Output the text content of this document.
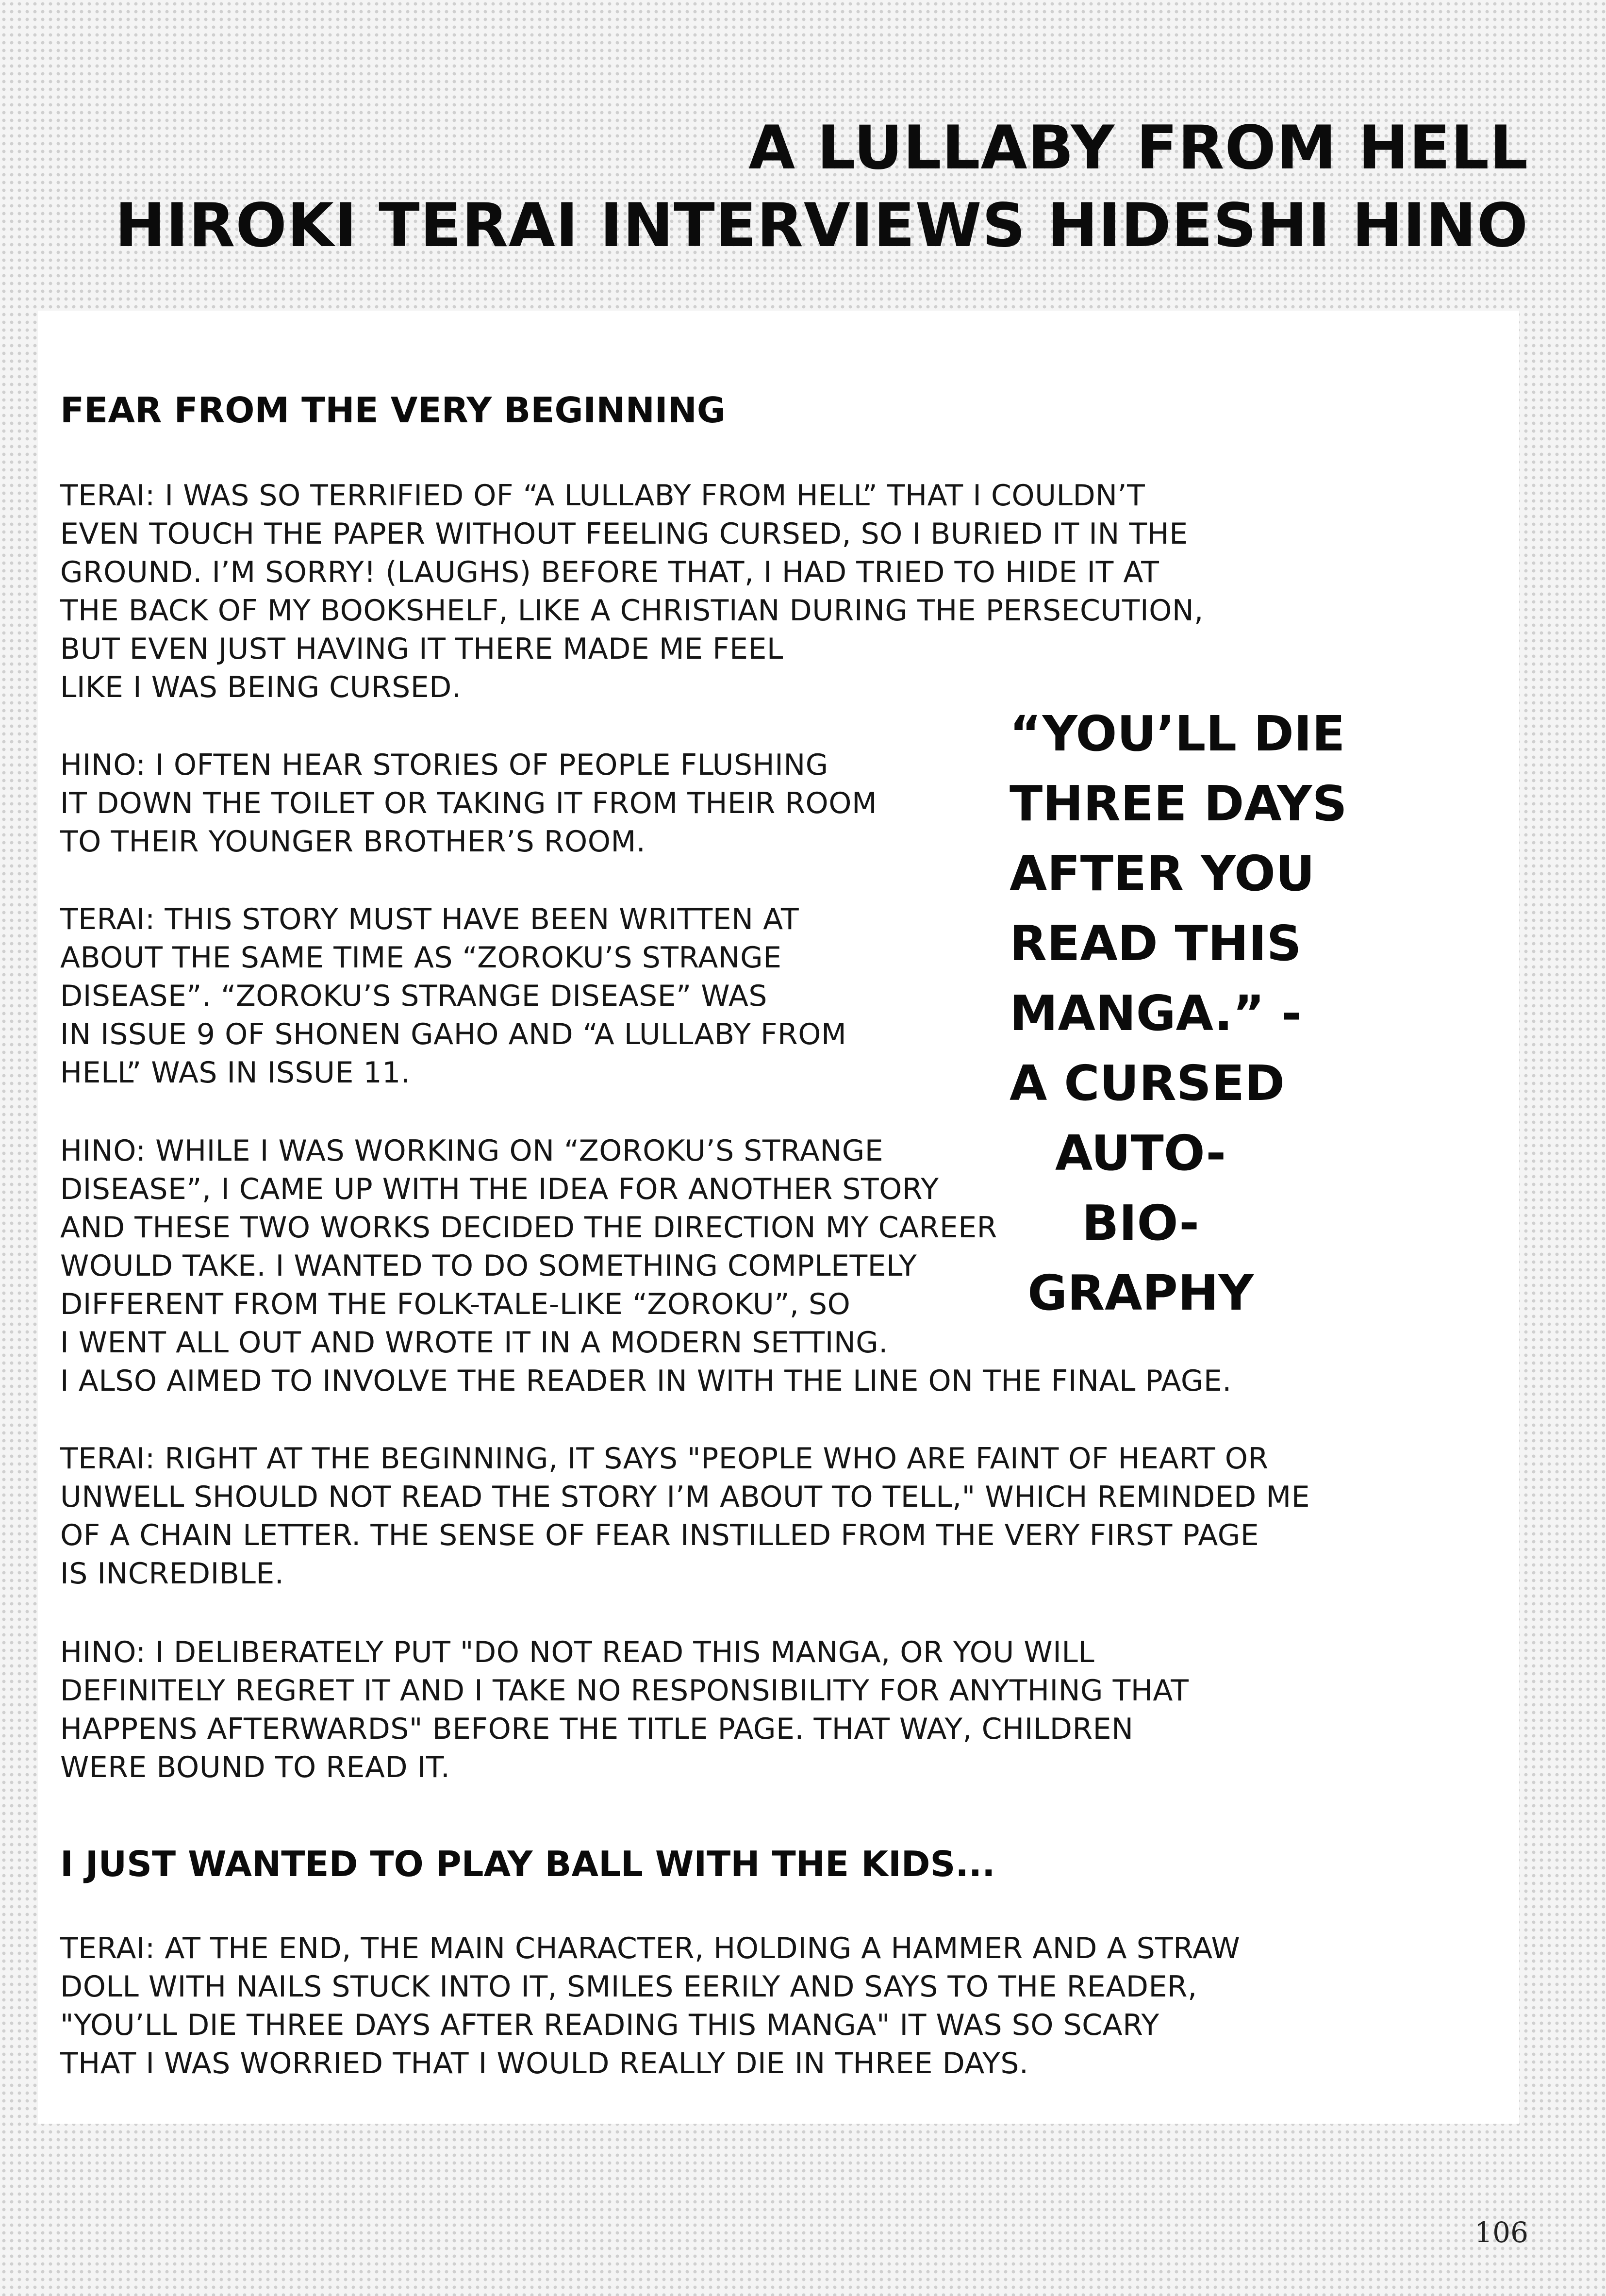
A LULLABY FROM HELL
HIROKI TERAI INTERVIEWS HIDESHI HINO
FEAR FROM THE VERY BEGINNING
TERAI: I WAS SO TERRIFIED OF “A LULLABY FROM HELL” THAT I COULDN’T
EVEN TOUCH THE PAPER WITHOUT FEELING CURSED, SO I BURIED IT IN THE
GROUND. I’M SORRY! (LAUGHS) BEFORE THAT, I HAD TRIED TO HIDE IT AT
THE BACK OF MY BOOKSHELF, LIKE A CHRISTIAN DURING THE PERSECUTION,
BUT EVEN JUST HAVING IT THERE MADE ME FEEL
LIKE I WAS BEING CURSED.
HINO: I OFTEN HEAR STORIES OF PEOPLE FLUSHING
IT DOWN THE TOILET OR TAKING IT FROM THEIR ROOM
TO THEIR YOUNGER BROTHER’S ROOM.
TERAI: THIS STORY MUST HAVE BEEN WRITTEN AT
ABOUT THE SAME TIME AS “ZOROKU’S STRANGE
DISEASE”. “ZOROKU’S STRANGE DISEASE” WAS
IN ISSUE 9 OF SHONEN GAHO AND “A LULLABY FROM
HELL” WAS IN ISSUE 11.
HINO: WHILE I WAS WORKING ON “ZOROKU’S STRANGE
DISEASE”, I CAME UP WITH THE IDEA FOR ANOTHER STORY
AND THESE TWO WORKS DECIDED THE DIRECTION MY CAREER
WOULD TAKE. I WANTED TO DO SOMETHING COMPLETELY
DIFFERENT FROM THE FOLK-TALE-LIKE “ZOROKU”, SO
I WENT ALL OUT AND WROTE IT IN A MODERN SETTING.
I ALSO AIMED TO INVOLVE THE READER IN WITH THE LINE ON THE FINAL PAGE.
TERAI: RIGHT AT THE BEGINNING, IT SAYS "PEOPLE WHO ARE FAINT OF HEART OR
UNWELL SHOULD NOT READ THE STORY I’M ABOUT TO TELL," WHICH REMINDED ME
OF A CHAIN LETTER. THE SENSE OF FEAR INSTILLED FROM THE VERY FIRST PAGE
IS INCREDIBLE.
HINO: I DELIBERATELY PUT "DO NOT READ THIS MANGA, OR YOU WILL
DEFINITELY REGRET IT AND I TAKE NO RESPONSIBILITY FOR ANYTHING THAT
HAPPENS AFTERWARDS" BEFORE THE TITLE PAGE. THAT WAY, CHILDREN
WERE BOUND TO READ IT.
I JUST WANTED TO PLAY BALL WITH THE KIDS...
TERAI: AT THE END, THE MAIN CHARACTER, HOLDING A HAMMER AND A STRAW
DOLL WITH NAILS STUCK INTO IT, SMILES EERILY AND SAYS TO THE READER,
"YOU’LL DIE THREE DAYS AFTER READING THIS MANGA" IT WAS SO SCARY
THAT I WAS WORRIED THAT I WOULD REALLY DIE IN THREE DAYS.
“YOU’LL DIE
THREE DAYS
AFTER YOU
READ THIS
MANGA.” -
A CURSED
AUTO-
BIO-
GRAPHY
106
